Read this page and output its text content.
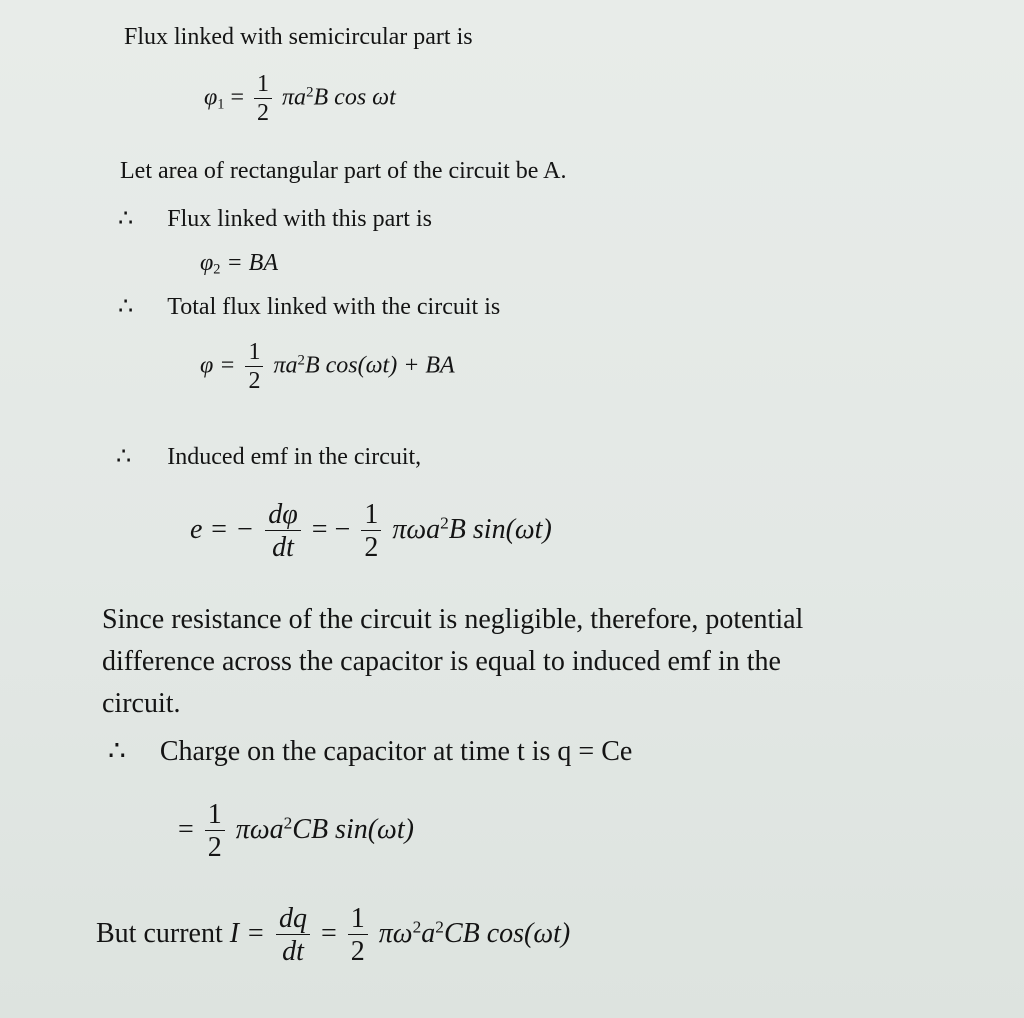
Flux linked with semicircular part is
$\varphi 1 = \frac{1}{2} \pi a^2B$ cos ωt
Let area of rectangular part of the circuit be A.
∴ Flux linked with this part is
φ2 = BA
∴ Total flux linked with the circuit is
$\varphi = \frac{1}{2} \pi a^2B$ cos(ωt) + BA
∴ Induced emf in the circuit,
e = − $\frac{d\varphi}{dt}$ = − $\frac{1}{2} \pi\omega a^2B$ sin(ωt)
Since resistance of the circuit is negligible, therefore, potential
difference across the capacitor is equal to induced emf in the
circuit.
∴ Charge on the capacitor at time t is q = Ce
= $\frac{1}{2} \pi\omega a^2CB$ sin(ωt)
But current $I = \frac{dq}{dt} = \frac{1}{2} \pi\omega^2a^2CB$ cos(ωt)
